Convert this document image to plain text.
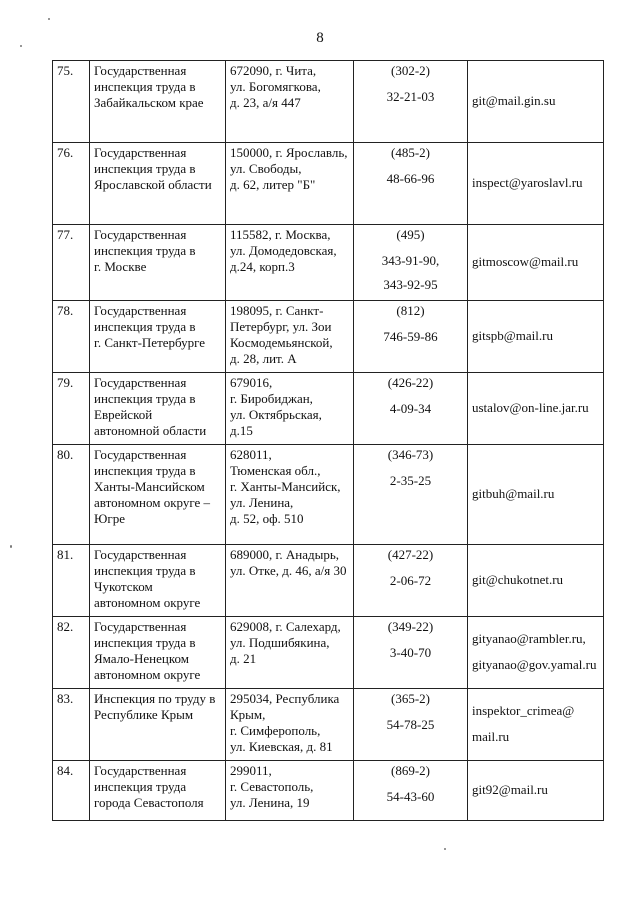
8
75.	Государственная
инспекция труда в
Забайкальском крае	672090, г. Чита,
ул. Богомягкова,
д. 23, а/я 447	(302-2)
32-21-03	git@mail.gin.su
76.	Государственная
инспекция труда в
Ярославской области	150000, г. Ярославль,
ул. Свободы,
д. 62, литер "Б"	(485-2)
48-66-96	inspect@yaroslavl.ru
77.	Государственная
инспекция труда в
г. Москве	115582, г. Москва,
ул. Домодедовская,
д.24, корп.3	(495)
343-91-90,
343-92-95	gitmoscow@mail.ru
78.	Государственная
инспекция труда в
г. Санкт-Петербурге	198095, г. Санкт-
Петербург, ул. Зои
Космодемьянской,
д. 28, лит. А	(812)
746-59-86	gitspb@mail.ru
79.	Государственная
инспекция труда в
Еврейской
автономной области	679016,
г. Биробиджан,
ул. Октябрьская,
д.15	(426-22)
4-09-34	ustalov@on-line.jar.ru
80.	Государственная
инспекция труда в
Ханты-Мансийском
автономном округе –
Югре	628011,
Тюменская обл.,
г. Ханты-Мансийск,
ул. Ленина,
д. 52, оф. 510	(346-73)
2-35-25	gitbuh@mail.ru
81.	Государственная
инспекция труда в
Чукотском
автономном округе	689000, г. Анадырь,
ул. Отке, д. 46, а/я 30	(427-22)
2-06-72	git@chukotnet.ru
82.	Государственная
инспекция труда в
Ямало-Ненецком
автономном округе	629008, г. Салехард,
ул. Подшибякина,
д. 21	(349-22)
3-40-70	gityanao@rambler.ru,
gityanao@gov.yamal.ru

83.	Инспекция по труду в
Республике Крым	295034, Республика
Крым,
г. Симферополь,
ул. Киевская, д. 81	(365-2)
54-78-25	inspektor_crimea@
mail.ru

84.	Государственная
инспекция труда
города Севастополя	299011,
г. Севастополь,
ул. Ленина, 19	(869-2)
54-43-60	git92@mail.ru
